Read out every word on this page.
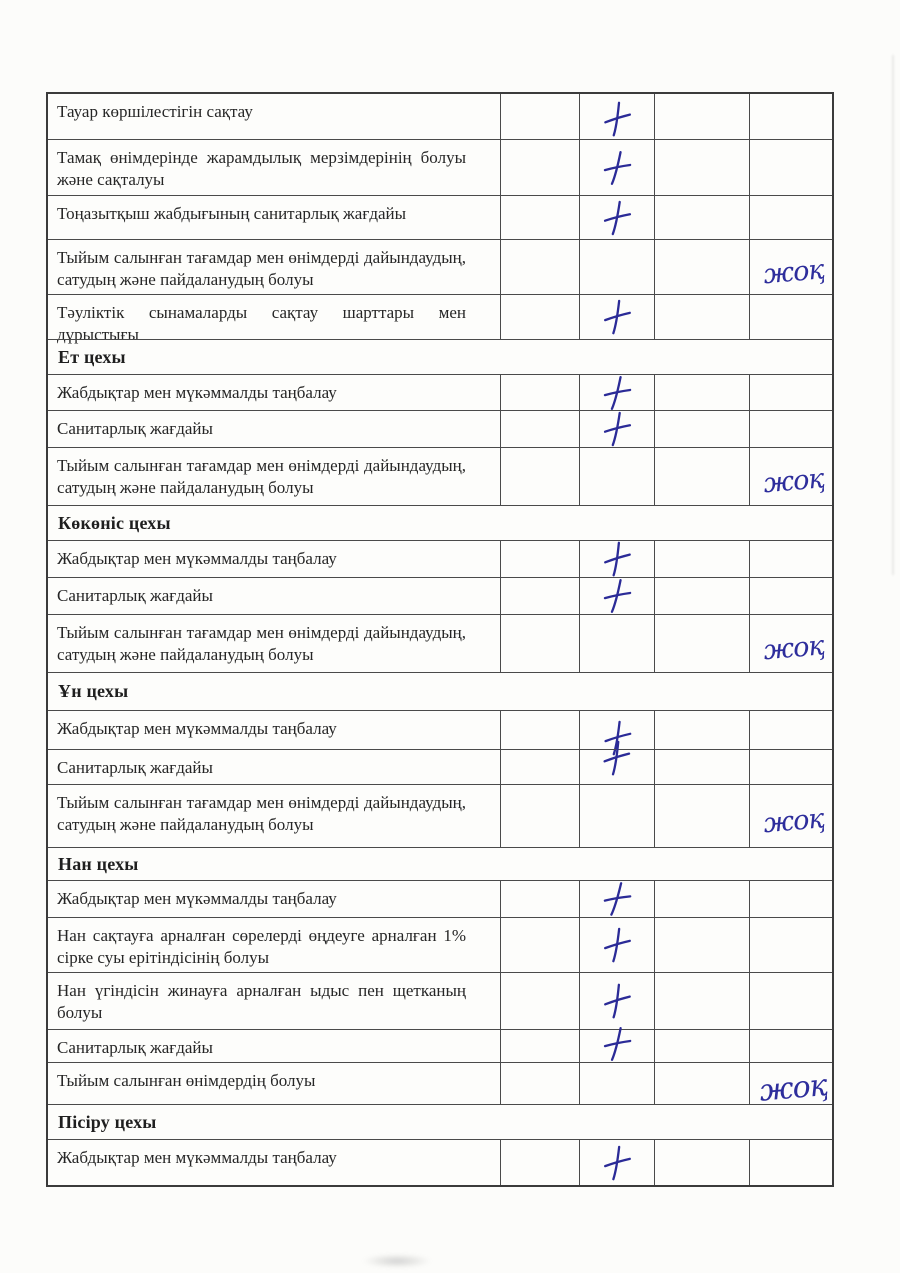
Тауар көршілестігін сақтау
Тамақ өнімдерінде жарамдылық мерзімдерінің болуы және сақталуы
Тоңазытқыш жабдығының санитарлық жағдайы
Тыйым салынған тағамдар мен өнімдерді дайындаудың, сатудың және пайдаланудың болуы	жоқ
Тәуліктік сынамаларды сақтау шарттары мен дұрыстығы
Ет цехы
Жабдықтар мен мүкәммалды таңбалау
Санитарлық жағдайы
Тыйым салынған тағамдар мен өнімдерді дайындаудың, сатудың және пайдаланудың болуы	жоқ
Көкөніс цехы
Жабдықтар мен мүкәммалды таңбалау
Санитарлық жағдайы
Тыйым салынған тағамдар мен өнімдерді дайындаудың, сатудың және пайдаланудың болуы	жоқ
Ұн цехы
Жабдықтар мен мүкәммалды таңбалау
Санитарлық жағдайы
Тыйым салынған тағамдар мен өнімдерді дайындаудың, сатудың және пайдаланудың болуы	жоқ
Нан цехы
Жабдықтар мен мүкәммалды таңбалау
Нан сақтауға арналған сөрелерді өңдеуге арналған 1% сірке суы ерітіндісінің болуы
Нан үгіндісін жинауға арналған ыдыс пен щетканың болуы
Санитарлық жағдайы
Тыйым салынған өнімдердің болуы	жоқ
Пісіру цехы
Жабдықтар мен мүкәммалды таңбалау
